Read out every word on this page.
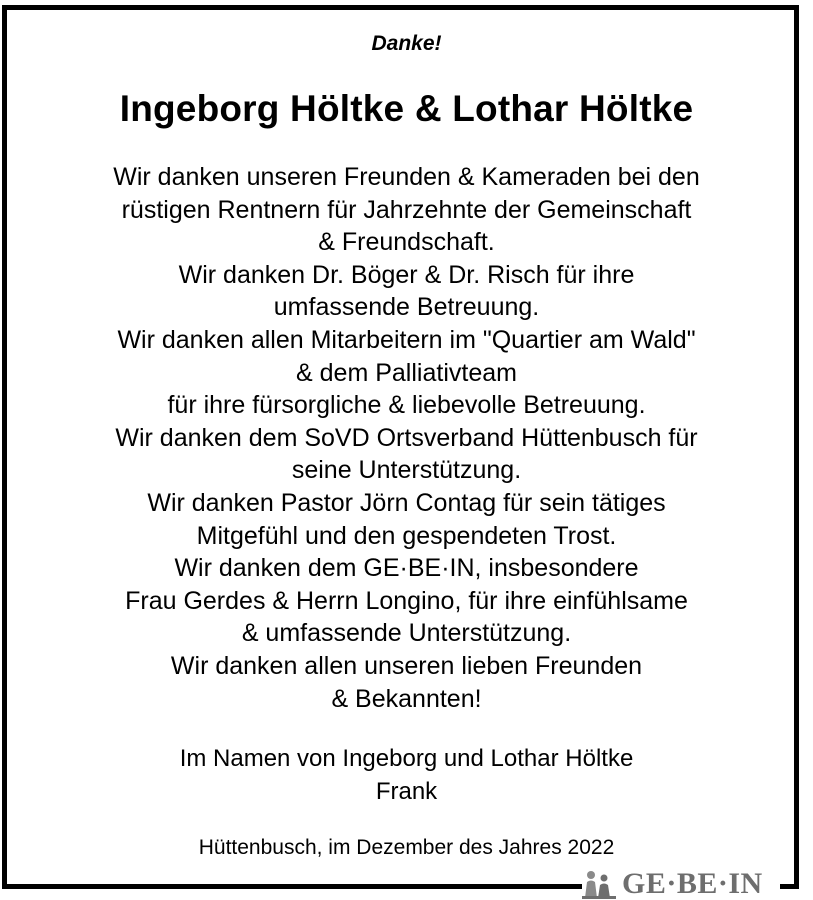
Danke!
Ingeborg Höltke & Lothar Höltke
Wir danken unseren Freunden & Kameraden bei den
rüstigen Rentnern für Jahrzehnte der Gemeinschaft
& Freundschaft.
Wir danken Dr. Böger & Dr. Risch für ihre
umfassende Betreuung.
Wir danken allen Mitarbeitern im "Quartier am Wald"
& dem Palliativteam
für ihre fürsorgliche & liebevolle Betreuung.
Wir danken dem SoVD Ortsverband Hüttenbusch für
seine Unterstützung.
Wir danken Pastor Jörn Contag für sein tätiges
Mitgefühl und den gespendeten Trost.
Wir danken dem GE·BE·IN, insbesondere
Frau Gerdes & Herrn Longino, für ihre einfühlsame
& umfassende Unterstützung.
Wir danken allen unseren lieben Freunden
& Bekannten!
Im Namen von Ingeborg und Lothar Höltke
Frank
Hüttenbusch, im Dezember des Jahres 2022
GE·BE·IN
